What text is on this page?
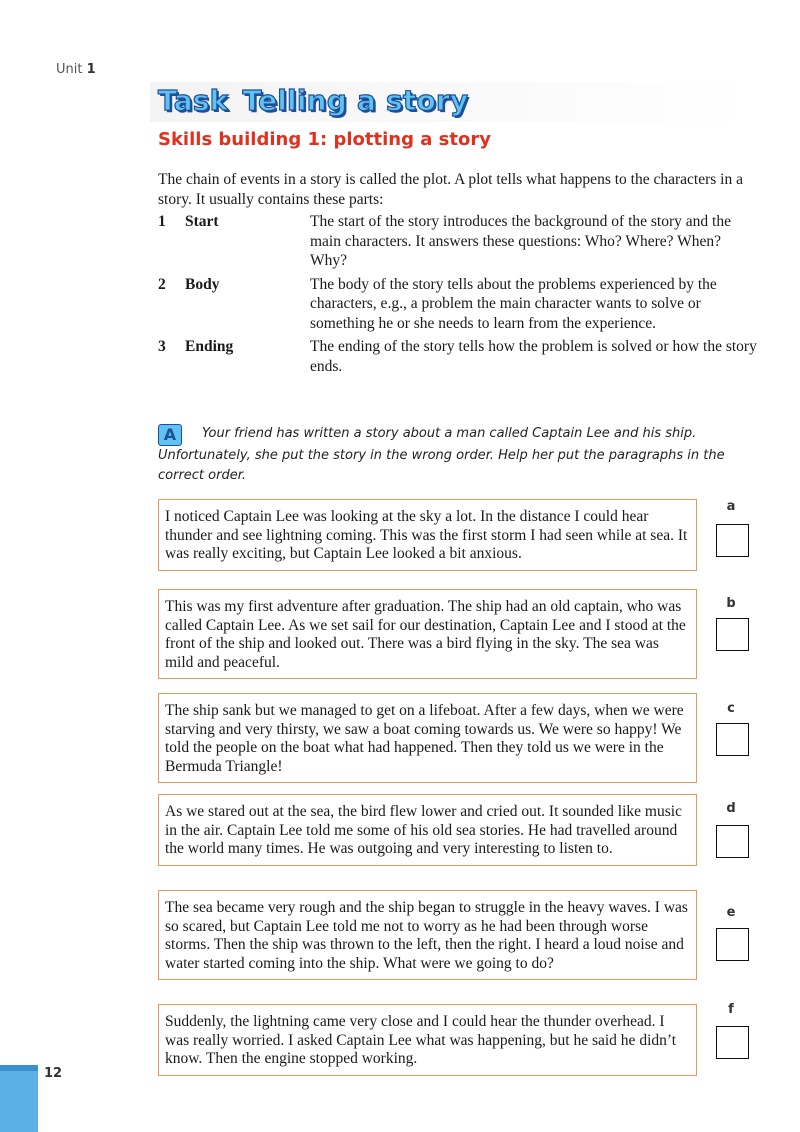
Unit 1
Task Telling a story
Skills building 1: plotting a story
The chain of events in a story is called the plot. A plot tells what happens to the characters in a story. It usually contains these parts:
1	Start	The start of the story introduces the background of the story and the main characters. It answers these questions: Who? Where? When? Why?
2	Body	The body of the story tells about the problems experienced by the characters, e.g., a problem the main character wants to solve or something he or she needs to learn from the experience.
3	Ending	The ending of the story tells how the problem is solved or how the story ends.
A Your friend has written a story about a man called Captain Lee and his ship. Unfortunately, she put the story in the wrong order. Help her put the paragraphs in the correct order.
I noticed Captain Lee was looking at the sky a lot. In the distance I could hear thunder and see lightning coming. This was the first storm I had seen while at sea. It was really exciting, but Captain Lee looked a bit anxious.
a
This was my first adventure after graduation. The ship had an old captain, who was called Captain Lee. As we set sail for our destination, Captain Lee and I stood at the front of the ship and looked out. There was a bird flying in the sky. The sea was mild and peaceful.
b
The ship sank but we managed to get on a lifeboat. After a few days, when we were starving and very thirsty, we saw a boat coming towards us. We were so happy! We told the people on the boat what had happened. Then they told us we were in the Bermuda Triangle!
c
As we stared out at the sea, the bird flew lower and cried out. It sounded like music in the air. Captain Lee told me some of his old sea stories. He had travelled around the world many times. He was outgoing and very interesting to listen to.
d
The sea became very rough and the ship began to struggle in the heavy waves. I was so scared, but Captain Lee told me not to worry as he had been through worse storms. Then the ship was thrown to the left, then the right. I heard a loud noise and water started coming into the ship. What were we going to do?
e
Suddenly, the lightning came very close and I could hear the thunder overhead. I was really worried. I asked Captain Lee what was happening, but he said he didn’t know. Then the engine stopped working.
f
12
